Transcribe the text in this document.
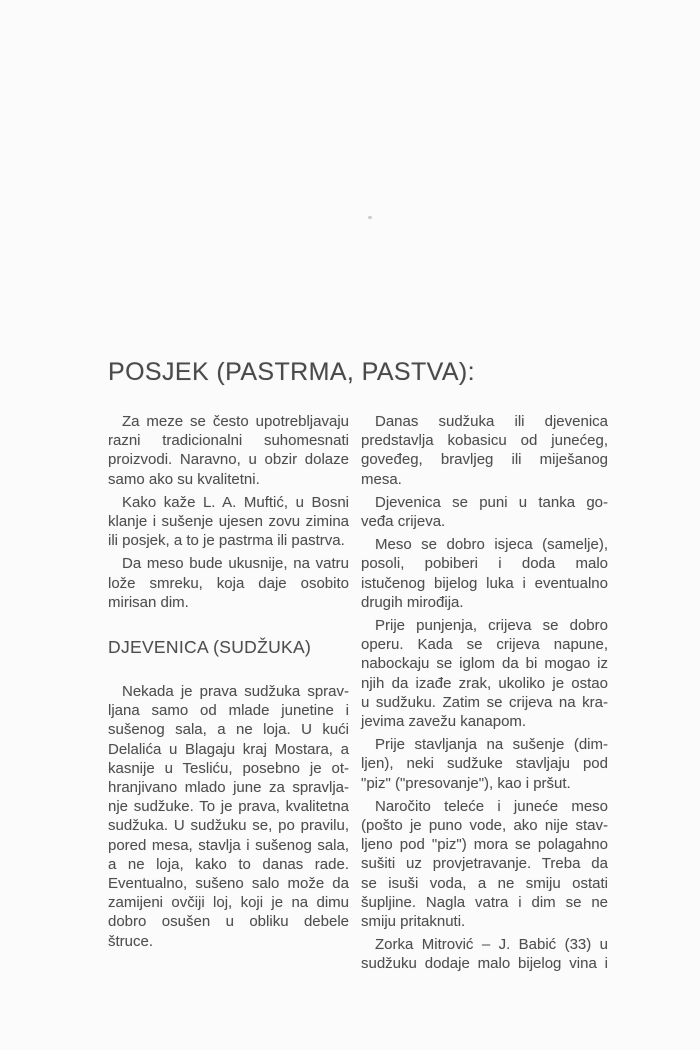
POSJEK (PASTRMA, PASTVA):
Za meze se često upotrebljavaju
razni tradicionalni suhomesnati
proizvodi. Naravno, u obzir dolaze
samo ako su kvalitetni.
Kako kaže L. A. Muftić, u Bosni
klanje i sušenje ujesen zovu zimina
ili posjek, a to je pastrma ili pastrva.
Da meso bude ukusnije, na vatru
lože smreku, koja daje osobito
mirisan dim.
DJEVENICA (SUDŽUKA)
Nekada je prava sudžuka sprav-
ljana samo od mlade junetine i
sušenog sala, a ne loja. U kući
Delalića u Blagaju kraj Mostara, a
kasnije u Tesliću, posebno je ot-
hranjivano mlado june za spravlja-
nje sudžuke. To je prava, kvalitetna
sudžuka. U sudžuku se, po pravilu,
pored mesa, stavlja i sušenog sala,
a ne loja, kako to danas rade.
Eventualno, sušeno salo može da
zamijeni ovčiji loj, koji je na dimu
dobro osušen u obliku debele
štruce.
Danas sudžuka ili djevenica
predstavlja kobasicu od junećeg,
goveđeg, bravljeg ili miješanog
mesa.
Djevenica se puni u tanka go-
veđa crijeva.
Meso se dobro isjeca (samelje),
posoli, pobiberi i doda malo
istučenog bijelog luka i eventualno
drugih mirođija.
Prije punjenja, crijeva se dobro
operu. Kada se crijeva napune,
nabockaju se iglom da bi mogao iz
njih da izađe zrak, ukoliko je ostao
u sudžuku. Zatim se crijeva na kra-
jevima zavežu kanapom.
Prije stavljanja na sušenje (dim-
ljen), neki sudžuke stavljaju pod
"piz" ("presovanje"), kao i pršut.
Naročito teleće i juneće meso
(pošto je puno vode, ako nije stav-
ljeno pod "piz") mora se polagahno
sušiti uz provjetravanje. Treba da
se isuši voda, a ne smiju ostati
šupljine. Nagla vatra i dim se ne
smiju pritaknuti.
Zorka Mitrović – J. Babić (33) u
sudžuku dodaje malo bijelog vina i
